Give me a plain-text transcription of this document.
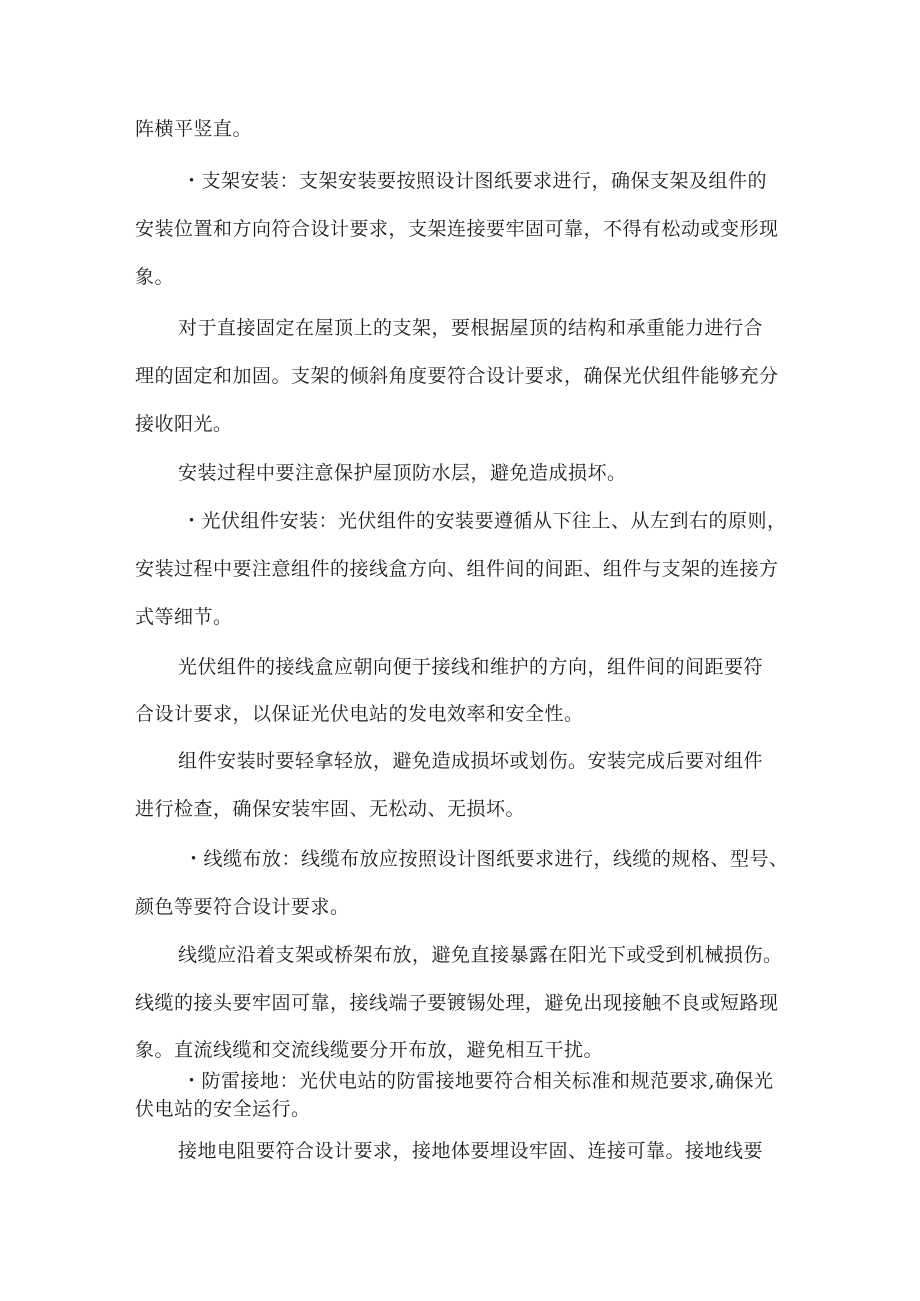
阵横平竖直。
・支架安装：支架安装要按照设计图纸要求进行，确保支架及组件的
安装位置和方向符合设计要求，支架连接要牢固可靠，不得有松动或变形现
象。
对于直接固定在屋顶上的支架，要根据屋顶的结构和承重能力进行合
理的固定和加固。支架的倾斜角度要符合设计要求，确保光伏组件能够充分
接收阳光。
安装过程中要注意保护屋顶防水层，避免造成损坏。
・光伏组件安装：光伏组件的安装要遵循从下往上、从左到右的原则，
安装过程中要注意组件的接线盒方向、组件间的间距、组件与支架的连接方
式等细节。
光伏组件的接线盒应朝向便于接线和维护的方向，组件间的间距要符
合设计要求，以保证光伏电站的发电效率和安全性。
组件安装时要轻拿轻放，避免造成损坏或划伤。安装完成后要对组件
进行检查，确保安装牢固、无松动、无损坏。
・线缆布放：线缆布放应按照设计图纸要求进行，线缆的规格、型号、
颜色等要符合设计要求。
线缆应沿着支架或桥架布放，避免直接暴露在阳光下或受到机械损伤。
线缆的接头要牢固可靠，接线端子要镀锡处理，避免出现接触不良或短路现
象。直流线缆和交流线缆要分开布放，避免相互干扰。
・防雷接地：光伏电站的防雷接地要符合相关标准和规范要求,确保光
伏电站的安全运行。
接地电阻要符合设计要求，接地体要埋设牢固、连接可靠。接地线要
